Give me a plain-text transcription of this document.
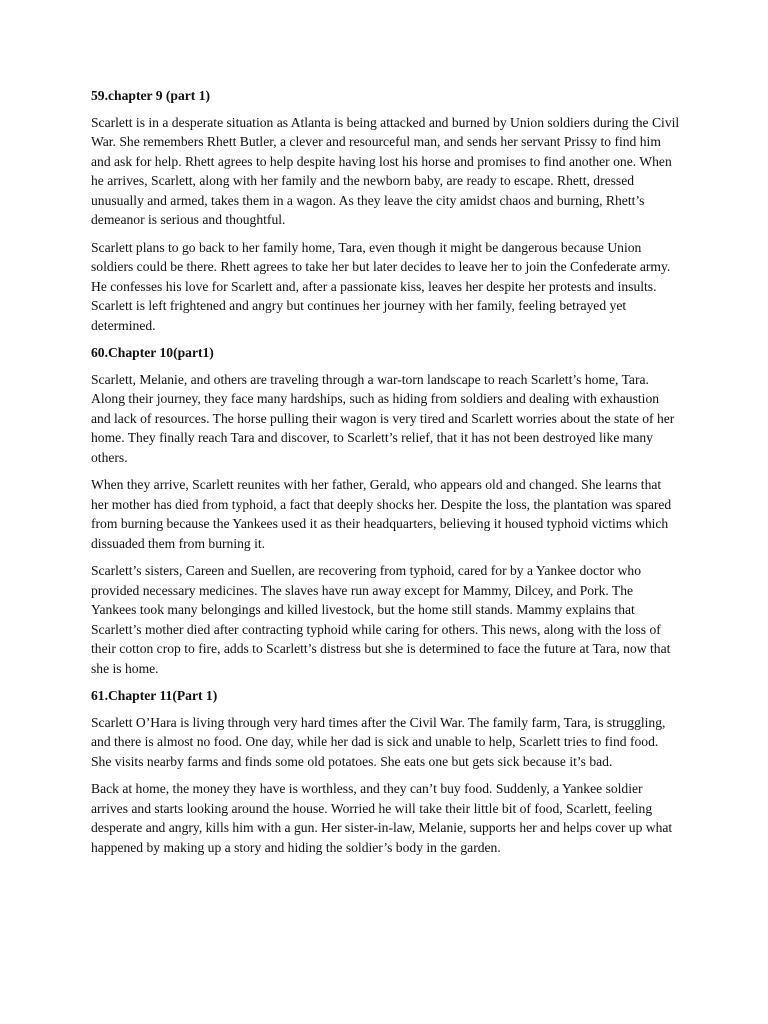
59.chapter 9 (part 1)

Scarlett is in a desperate situation as Atlanta is being attacked and burned by Union soldiers during the Civil War. She remembers Rhett Butler, a clever and resourceful man, and sends her servant Prissy to find him and ask for help. Rhett agrees to help despite having lost his horse and promises to find another one. When he arrives, Scarlett, along with her family and the newborn baby, are ready to escape. Rhett, dressed unusually and armed, takes them in a wagon. As they leave the city amidst chaos and burning, Rhett’s demeanor is serious and thoughtful.

Scarlett plans to go back to her family home, Tara, even though it might be dangerous because Union soldiers could be there. Rhett agrees to take her but later decides to leave her to join the Confederate army. He confesses his love for Scarlett and, after a passionate kiss, leaves her despite her protests and insults. Scarlett is left frightened and angry but continues her journey with her family, feeling betrayed yet determined.

60.Chapter 10(part1)

Scarlett, Melanie, and others are traveling through a war-torn landscape to reach Scarlett’s home, Tara. Along their journey, they face many hardships, such as hiding from soldiers and dealing with exhaustion and lack of resources. The horse pulling their wagon is very tired and Scarlett worries about the state of her home. They finally reach Tara and discover, to Scarlett’s relief, that it has not been destroyed like many others.

When they arrive, Scarlett reunites with her father, Gerald, who appears old and changed. She learns that her mother has died from typhoid, a fact that deeply shocks her. Despite the loss, the plantation was spared from burning because the Yankees used it as their headquarters, believing it housed typhoid victims which dissuaded them from burning it.

Scarlett’s sisters, Careen and Suellen, are recovering from typhoid, cared for by a Yankee doctor who provided necessary medicines. The slaves have run away except for Mammy, Dilcey, and Pork. The Yankees took many belongings and killed livestock, but the home still stands. Mammy explains that Scarlett’s mother died after contracting typhoid while caring for others. This news, along with the loss of their cotton crop to fire, adds to Scarlett’s distress but she is determined to face the future at Tara, now that she is home.

61.Chapter 11(Part 1)

Scarlett O’Hara is living through very hard times after the Civil War. The family farm, Tara, is struggling, and there is almost no food. One day, while her dad is sick and unable to help, Scarlett tries to find food. She visits nearby farms and finds some old potatoes. She eats one but gets sick because it’s bad.

Back at home, the money they have is worthless, and they can’t buy food. Suddenly, a Yankee soldier arrives and starts looking around the house. Worried he will take their little bit of food, Scarlett, feeling desperate and angry, kills him with a gun. Her sister-in-law, Melanie, supports her and helps cover up what happened by making up a story and hiding the soldier’s body in the garden.
